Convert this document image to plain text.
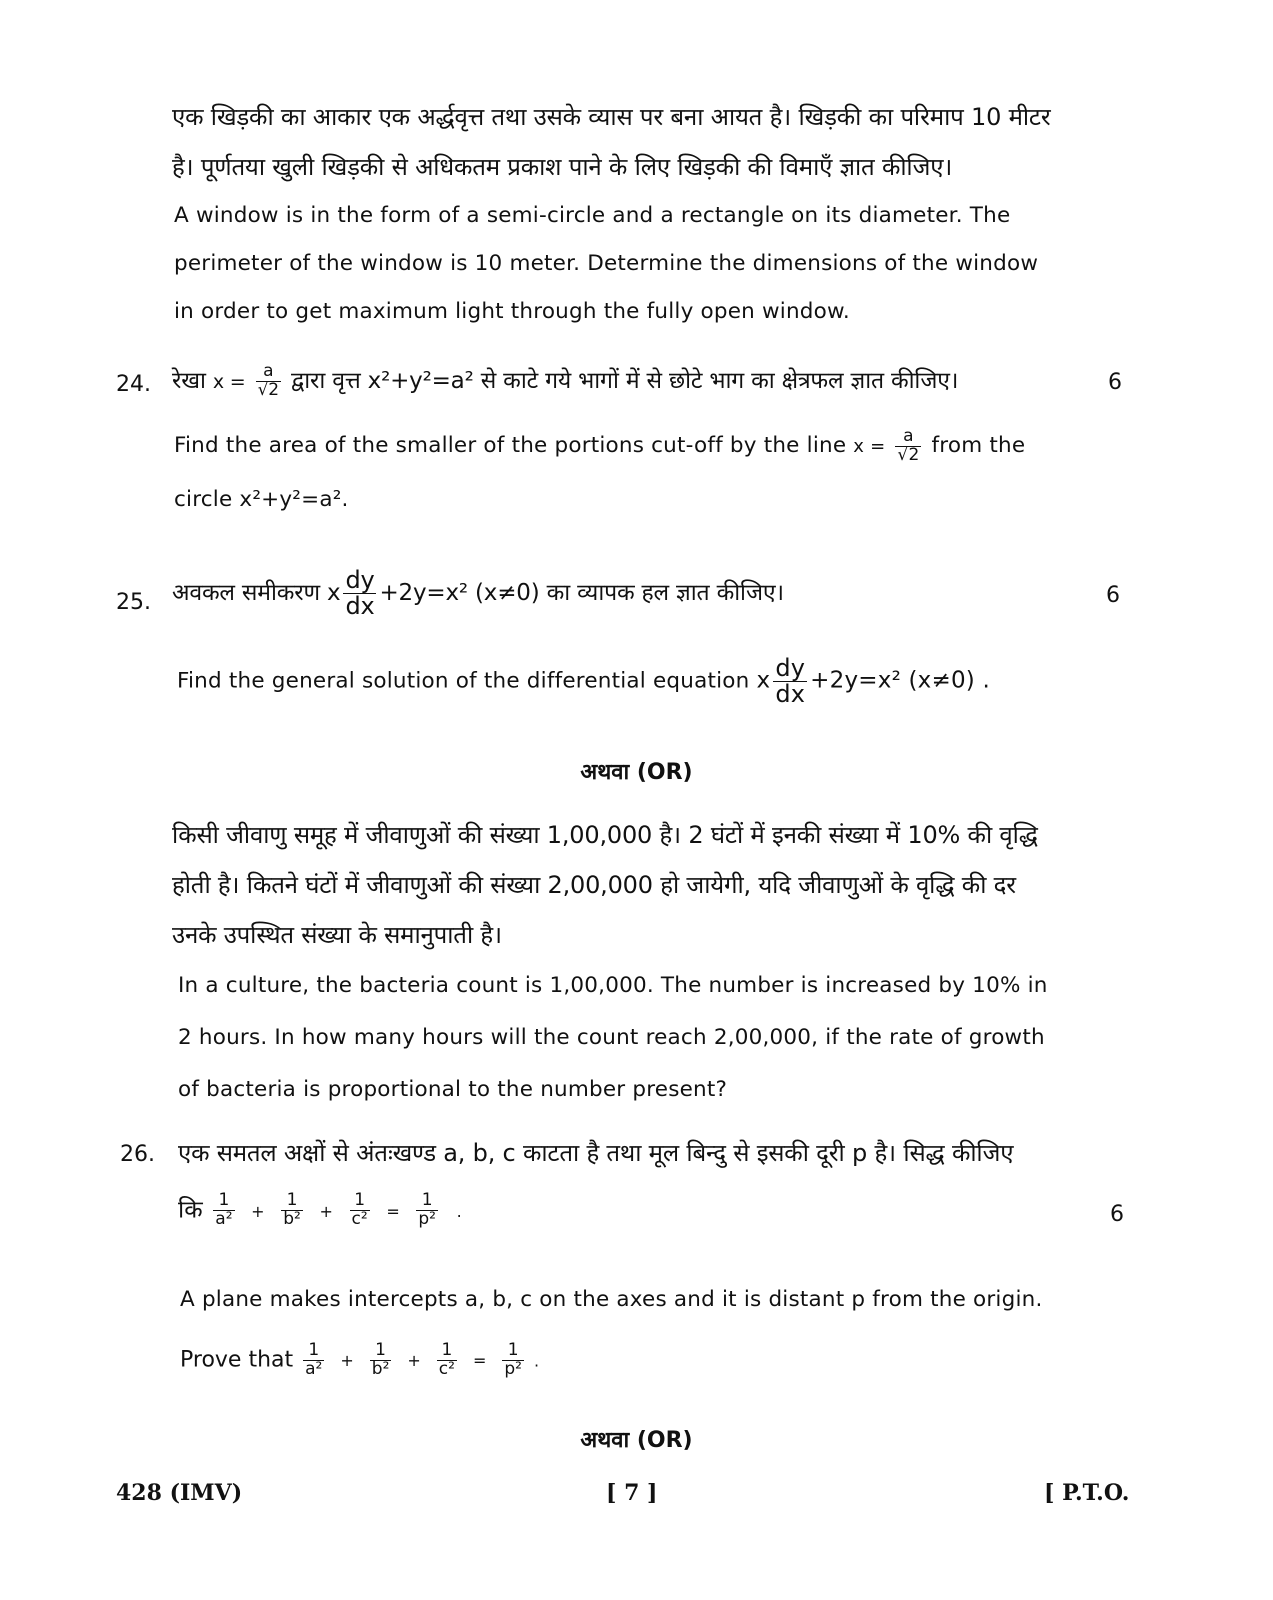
एक खिड़की का आकार एक अर्द्धवृत्त तथा उसके व्यास पर बना आयत है। खिड़की का परिमाप 10 मीटर
है। पूर्णतया खुली खिड़की से अधिकतम प्रकाश पाने के लिए खिड़की की विमाएँ ज्ञात कीजिए।
A window is in the form of a semi-circle and a rectangle on its diameter. The
perimeter of the window is 10 meter. Determine the dimensions of the window
in order to get maximum light through the fully open window.
24. रेखा $x = \frac{a}{√2}$ द्वारा वृत्त x²+y²=a² से काटे गये भागों में से छोटे भाग का क्षेत्रफल ज्ञात कीजिए।	6
Find the area of the smaller of the portions cut-off by the line $x = \frac{a}{√2}$ from the
circle x²+y²=a².
25. अवकल समीकरण x $\frac{dy}{dx} +2y=x^2$ (x≠0) का व्यापक हल ज्ञात कीजिए।	6
Find the general solution of the differential equation x $\frac{dy}{dx} +2y=x^2$ (x≠0) .
अथवा (OR)
किसी जीवाणु समूह में जीवाणुओं की संख्या 1,00,000 है। 2 घंटों में इनकी संख्या में 10% की वृद्धि
होती है। कितने घंटों में जीवाणुओं की संख्या 2,00,000 हो जायेगी, यदि जीवाणुओं के वृद्धि की दर
उनके उपस्थित संख्या के समानुपाती है।
In a culture, the bacteria count is 1,00,000. The number is increased by 10% in
2 hours. In how many hours will the count reach 2,00,000, if the rate of growth
of bacteria is proportional to the number present?
26. एक समतल अक्षों से अंतःखण्ड a, b, c काटता है तथा मूल बिन्दु से इसकी दूरी p है। सिद्ध कीजिए
कि $\frac{1}{\text{a²}} + \frac{1}{\text{b²}} + \frac{1}{\text{c²}} = \frac{1}{\text{p²}}$ .	6
A plane makes intercepts a, b, c on the axes and it is distant p from the origin.
Prove that $\frac{1}{\text{a²}} + \frac{1}{\text{b²}} + \frac{1}{\text{c²}} = \frac{1}{\text{p²}}$ .
अथवा (OR)
428 (IMV)	[ 7 ]	[ P.T.O.
